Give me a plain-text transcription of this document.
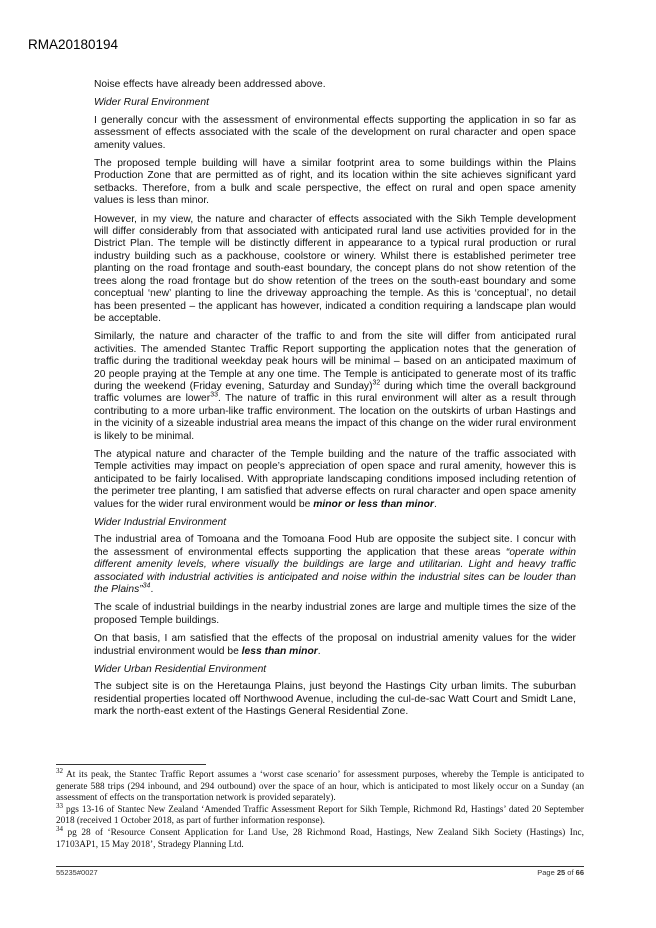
RMA20180194

Noise effects have already been addressed above.

Wider Rural Environment

I generally concur with the assessment of environmental effects supporting the application in so far as assessment of effects associated with the scale of the development on rural character and open space amenity values.

The proposed temple building will have a similar footprint area to some buildings within the Plains Production Zone that are permitted as of right, and its location within the site achieves significant yard setbacks. Therefore, from a bulk and scale perspective, the effect on rural and open space amenity values is less than minor.

However, in my view, the nature and character of effects associated with the Sikh Temple development will differ considerably from that associated with anticipated rural land use activities provided for in the District Plan. The temple will be distinctly different in appearance to a typical rural production or rural industry building such as a packhouse, coolstore or winery. Whilst there is established perimeter tree planting on the road frontage and south-east boundary, the concept plans do not show retention of the trees along the road frontage but do show retention of the trees on the south-east boundary and some conceptual ‘new’ planting to line the driveway approaching the temple. As this is ‘conceptual’, no detail has been presented – the applicant has however, indicated a condition requiring a landscape plan would be acceptable.

Similarly, the nature and character of the traffic to and from the site will differ from anticipated rural activities. The amended Stantec Traffic Report supporting the application notes that the generation of traffic during the traditional weekday peak hours will be minimal – based on an anticipated maximum of 20 people praying at the Temple at any one time. The Temple is anticipated to generate most of its traffic during the weekend (Friday evening, Saturday and Sunday)$^{32}$ during which time the overall background traffic volumes are lower$^{33}$. The nature of traffic in this rural environment will alter as a result through contributing to a more urban-like traffic environment. The location on the outskirts of urban Hastings and in the vicinity of a sizeable industrial area means the impact of this change on the wider rural environment is likely to be minimal.

The atypical nature and character of the Temple building and the nature of the traffic associated with Temple activities may impact on people’s appreciation of open space and rural amenity, however this is anticipated to be fairly localised. With appropriate landscaping conditions imposed including retention of the perimeter tree planting, I am satisfied that adverse effects on rural character and open space amenity values for the wider rural environment would be minor or less than minor.

Wider Industrial Environment

The industrial area of Tomoana and the Tomoana Food Hub are opposite the subject site. I concur with the assessment of environmental effects supporting the application that these areas “operate within different amenity levels, where visually the buildings are large and utilitarian. Light and heavy traffic associated with industrial activities is anticipated and noise within the industrial sites can be louder than the Plains”$^{34}$.

The scale of industrial buildings in the nearby industrial zones are large and multiple times the size of the proposed Temple buildings.

On that basis, I am satisfied that the effects of the proposal on industrial amenity values for the wider industrial environment would be less than minor.

Wider Urban Residential Environment

The subject site is on the Heretaunga Plains, just beyond the Hastings City urban limits. The suburban residential properties located off Northwood Avenue, including the cul-de-sac Watt Court and Smidt Lane, mark the north-east extent of the Hastings General Residential Zone.

$^{32}$ At its peak, the Stantec Traffic Report assumes a ‘worst case scenario’ for assessment purposes, whereby the Temple is anticipated to generate 588 trips (294 inbound, and 294 outbound) over the space of an hour, which is anticipated to most likely occur on a Sunday (an assessment of effects on the transportation network is provided separately).

$^{33}$ pgs 13-16 of Stantec New Zealand ‘Amended Traffic Assessment Report for Sikh Temple, Richmond Rd, Hastings’ dated 20 September 2018 (received 1 October 2018, as part of further information response).

$^{34}$ pg 28 of ‘Resource Consent Application for Land Use, 28 Richmond Road, Hastings, New Zealand Sikh Society (Hastings) Inc, 17103AP1, 15 May 2018’, Stradegy Planning Ltd.

55235#0027	Page 25 of 66
